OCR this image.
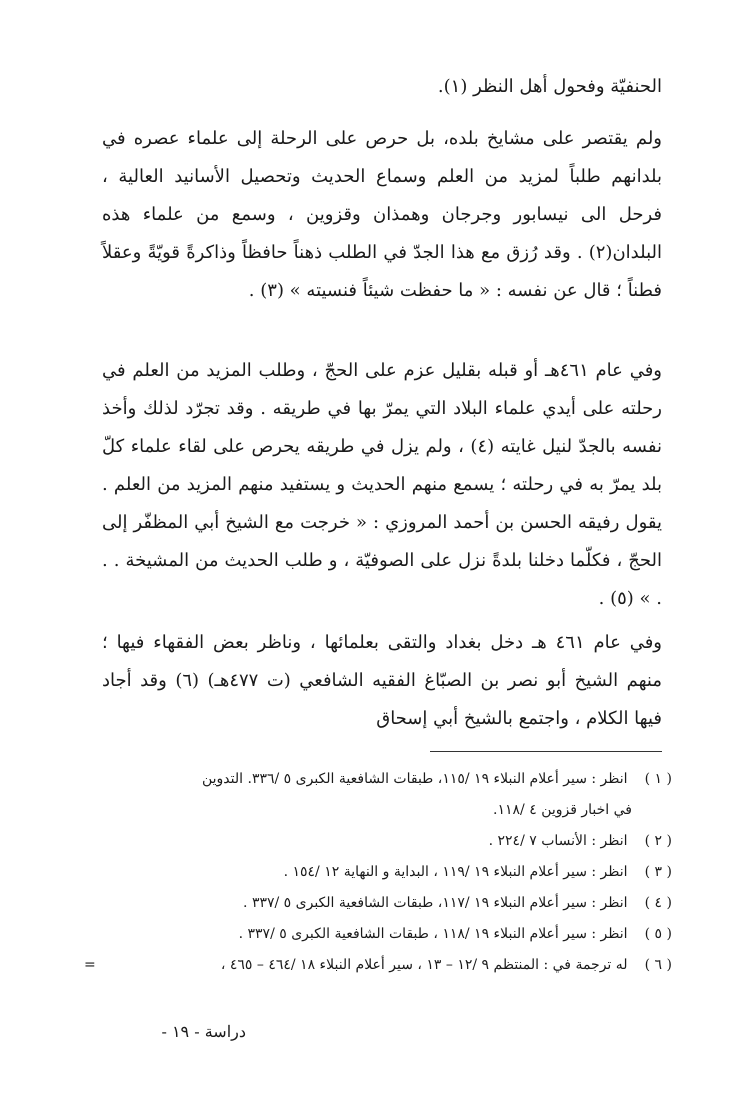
الحنفيّة وفحول أهل النظر (١).

ولم يقتصر على مشايخ بلده، بل حرص على الرحلة إلى علماء عصره في بلدانهم طلباً لمزيد من العلم وسماع الحديث وتحصيل الأسانيد العالية ، فرحل الى نيسابور وجرجان وهمذان وقزوين ، وسمع من علماء هذه البلدان(٢) . وقد رُزق مع هذا الجدّ في الطلب ذهناً حافظاً وذاكرةً قويّةً وعقلاً فطناً ؛ قال عن نفسه : « ما حفظت شيئاً فنسيته » (٣) .

وفي عام ٤٦١هـ أو قبله بقليل عزم على الحجّ ، وطلب المزيد من العلم في رحلته على أيدي علماء البلاد التي يمرّ بها في طريقه . وقد تجرّد لذلك وأخذ نفسه بالجدّ لنيل غايته (٤) ، ولم يزل في طريقه يحرص على لقاء علماء كلّ بلد يمرّ به في رحلته ؛ يسمع منهم الحديث و يستفيد منهم المزيد من العلم . يقول رفيقه الحسن بن أحمد المروزي : « خرجت مع الشيخ أبي المظفّر إلى الحجّ ، فكلّما دخلنا بلدةً نزل على الصوفيّة ، و طلب الحديث من المشيخة . . . » (٥) .

وفي عام ٤٦١ هـ دخل بغداد والتقى بعلمائها ، وناظر بعض الفقهاء فيها ؛ منهم الشيخ أبو نصر بن الصبّاغ الفقيه الشافعي (ت ٤٧٧هـ) (٦) وقد أجاد فيها الكلام ، واجتمع بالشيخ أبي إسحاق

( ١ ) انظر : سير أعلام النبلاء ١٩ /١١٥، طبقات الشافعية الكبرى ٥ /٣٣٦. التدوين
في اخبار قزوين ٤ /١١٨.
( ٢ ) انظر : الأنساب ٧ /٢٢٤ .
( ٣ ) انظر : سير أعلام النبلاء ١٩ /١١٩ ، البداية و النهاية ١٢ /١٥٤ .
( ٤ ) انظر : سير أعلام النبلاء ١٩ /١١٧، طبقات الشافعية الكبرى ٥ /٣٣٧ .
( ٥ ) انظر : سير أعلام النبلاء ١٩ /١١٨ ، طبقات الشافعية الكبرى ٥ /٣٣٧ .
( ٦ ) له ترجمة في : المنتظم ٩ /١٢ – ١٣ ، سير أعلام النبلاء ١٨ /٤٦٤ – ٤٦٥ ،
=
دراسة - ١٩ -
